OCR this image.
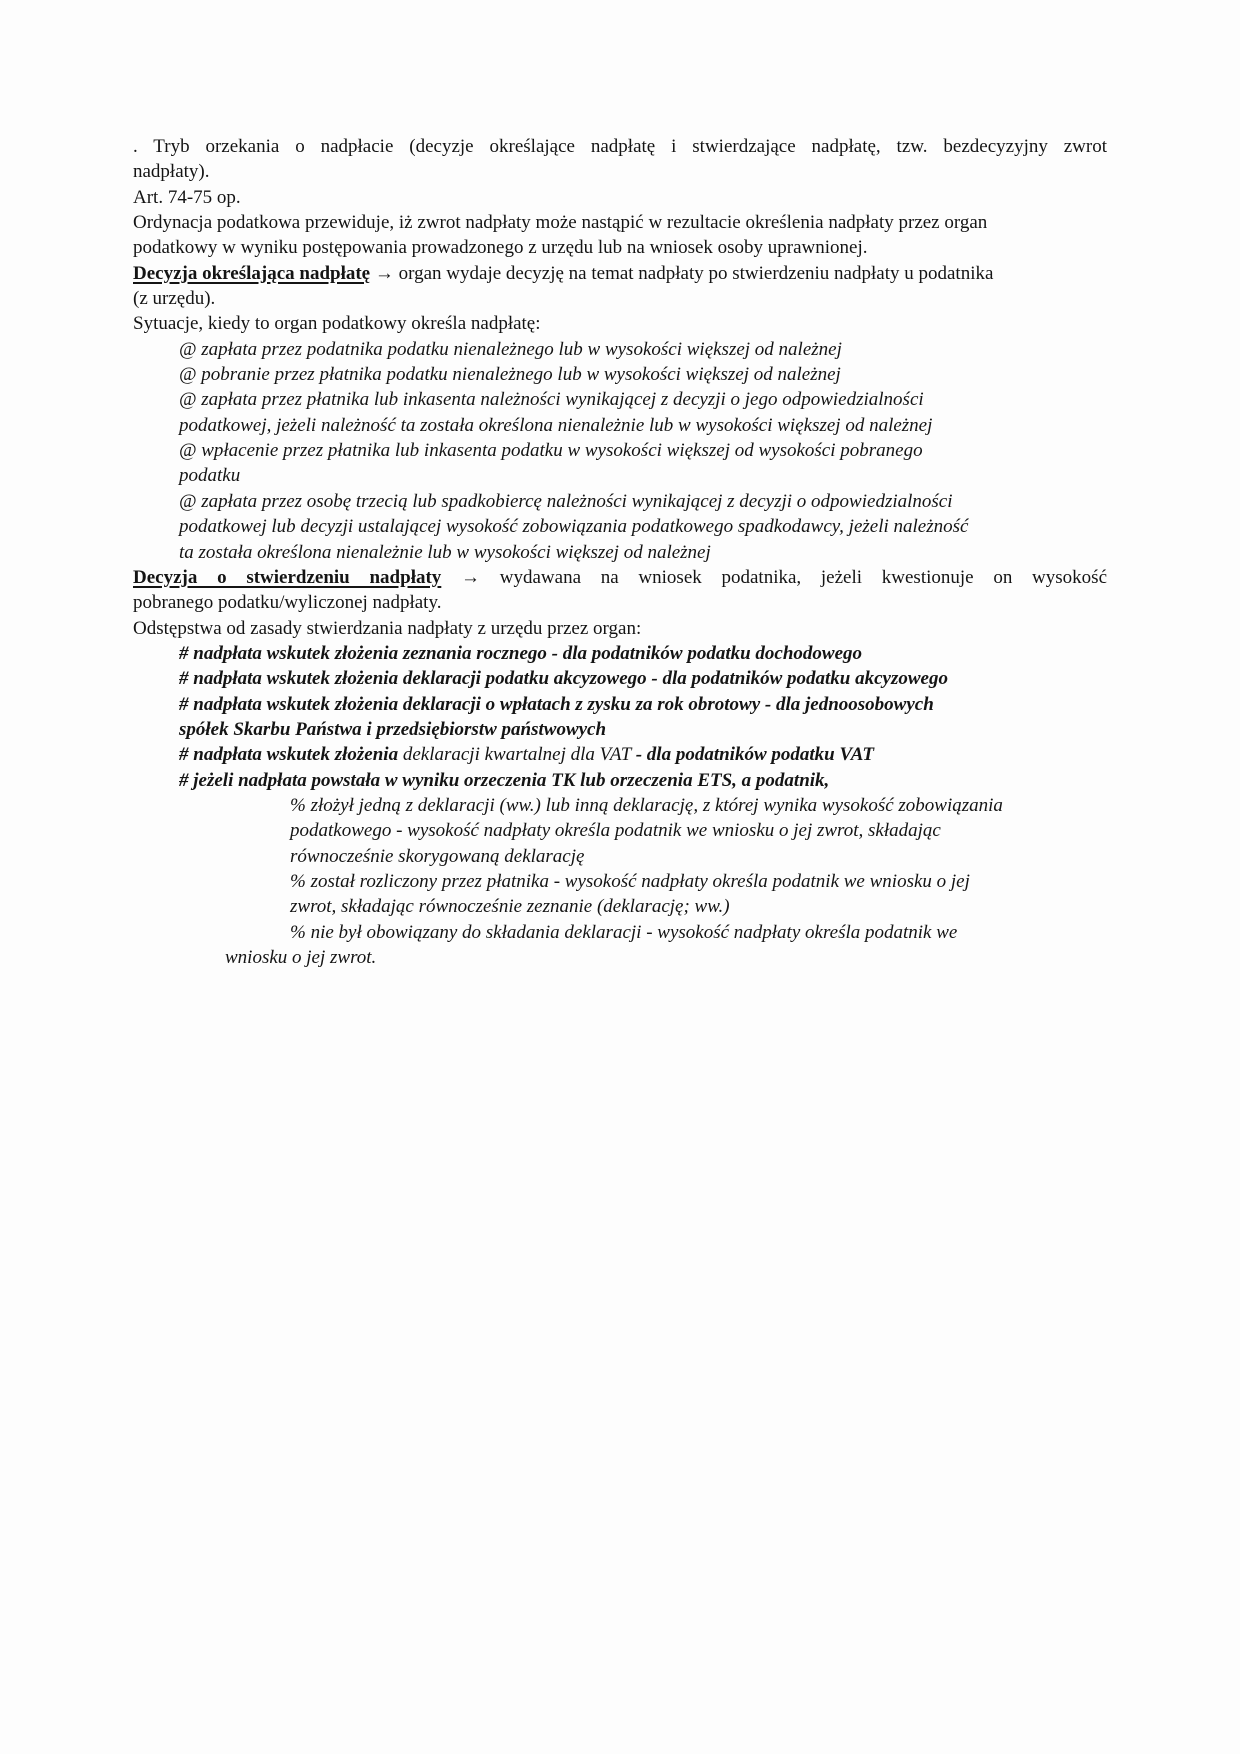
. Tryb orzekania o nadpłacie (decyzje określające nadpłatę i stwierdzające nadpłatę, tzw. bezdecyzyjny zwrot
nadpłaty).
Art. 74-75 op.
Ordynacja podatkowa przewiduje, iż zwrot nadpłaty może nastąpić w rezultacie określenia nadpłaty przez organ
podatkowy w wyniku postępowania prowadzonego z urzędu lub na wniosek osoby uprawnionej.
Decyzja określająca nadpłatę → organ wydaje decyzję na temat nadpłaty po stwierdzeniu nadpłaty u podatnika
(z urzędu).
Sytuacje, kiedy to organ podatkowy określa nadpłatę:
@ zapłata przez podatnika podatku nienależnego lub w wysokości większej od należnej
@ pobranie przez płatnika podatku nienależnego lub w wysokości większej od należnej
@ zapłata przez płatnika lub inkasenta należności wynikającej z decyzji o jego odpowiedzialności
podatkowej, jeżeli należność ta została określona nienależnie lub w wysokości większej od należnej
@ wpłacenie przez płatnika lub inkasenta podatku w wysokości większej od wysokości pobranego
podatku
@ zapłata przez osobę trzecią lub spadkobiercę należności wynikającej z decyzji o odpowiedzialności
podatkowej lub decyzji ustalającej wysokość zobowiązania podatkowego spadkodawcy, jeżeli należność
ta została określona nienależnie lub w wysokości większej od należnej
Decyzja o stwierdzeniu nadpłaty → wydawana na wniosek podatnika, jeżeli kwestionuje on wysokość
pobranego podatku/wyliczonej nadpłaty.
Odstępstwa od zasady stwierdzania nadpłaty z urzędu przez organ:
# nadpłata wskutek złożenia zeznania rocznego - dla podatników podatku dochodowego
# nadpłata wskutek złożenia deklaracji podatku akcyzowego - dla podatników podatku akcyzowego
# nadpłata wskutek złożenia deklaracji o wpłatach z zysku za rok obrotowy - dla jednoosobowych
spółek Skarbu Państwa i przedsiębiorstw państwowych
# nadpłata wskutek złożenia deklaracji kwartalnej dla VAT - dla podatników podatku VAT
# jeżeli nadpłata powstała w wyniku orzeczenia TK lub orzeczenia ETS, a podatnik,
% złożył jedną z deklaracji (ww.) lub inną deklarację, z której wynika wysokość zobowiązania
podatkowego - wysokość nadpłaty określa podatnik we wniosku o jej zwrot, składając
równocześnie skorygowaną deklarację
% został rozliczony przez płatnika - wysokość nadpłaty określa podatnik we wniosku o jej
zwrot, składając równocześnie zeznanie (deklarację; ww.)
% nie był obowiązany do składania deklaracji - wysokość nadpłaty określa podatnik we
wniosku o jej zwrot.
